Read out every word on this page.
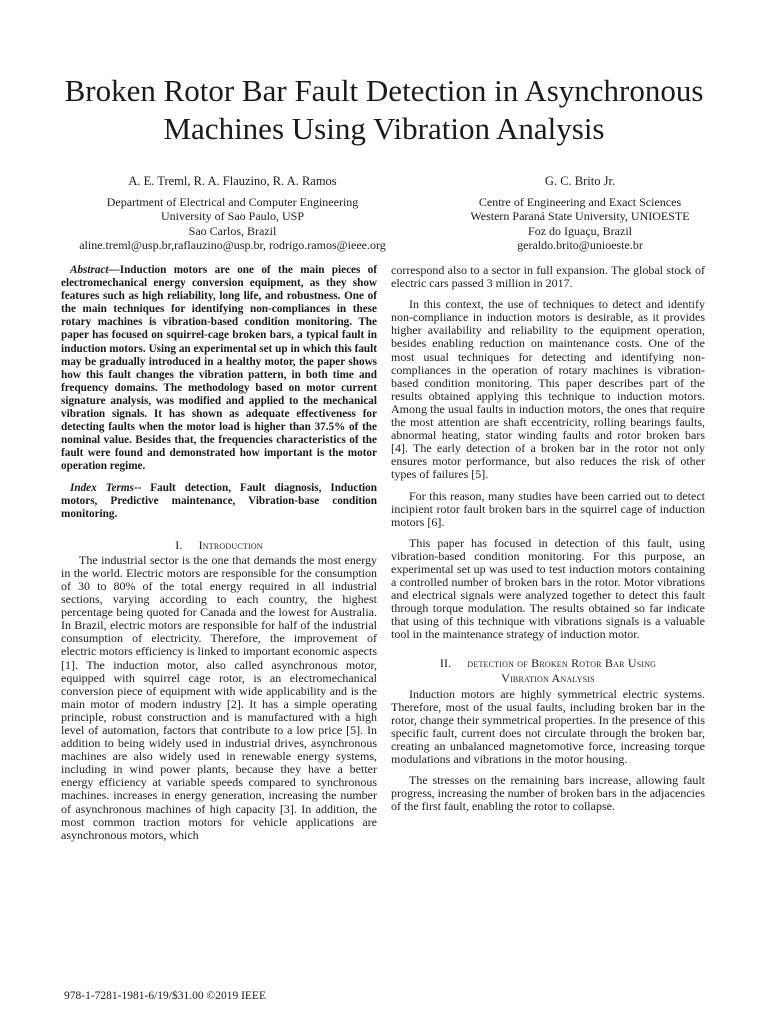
Broken Rotor Bar Fault Detection in Asynchronous
Machines Using Vibration Analysis
A. E. Treml, R. A. Flauzino, R. A. Ramos
Department of Electrical and Computer Engineering
University of Sao Paulo, USP
Sao Carlos, Brazil
aline.treml@usp.br,raflauzino@usp.br, rodrigo.ramos@ieee.org
G. C. Brito Jr.
Centre of Engineering and Exact Sciences
Western Paraná State University, UNIOESTE
Foz do Iguaçu, Brazil
geraldo.brito@unioeste.br

Abstract—Induction motors are one of the main pieces of electromechanical energy conversion equipment, as they show features such as high reliability, long life, and robustness. One of the main techniques for identifying non-compliances in these rotary machines is vibration-based condition monitoring. The paper has focused on squirrel-cage broken bars, a typical fault in induction motors. Using an experimental set up in which this fault may be gradually introduced in a healthy motor, the paper shows how this fault changes the vibration pattern, in both time and frequency domains. The methodology based on motor current signature analysis, was modified and applied to the mechanical vibration signals. It has shown as adequate effectiveness for detecting faults when the motor load is higher than 37.5% of the nominal value. Besides that, the frequencies characteristics of the fault were found and demonstrated how important is the motor operation regime.

Index Terms-- Fault detection, Fault diagnosis, Induction motors, Predictive maintenance, Vibration-base condition monitoring.

I. Introduction

The industrial sector is the one that demands the most energy in the world. Electric motors are responsible for the consumption of 30 to 80% of the total energy required in all industrial sections, varying according to each country, the highest percentage being quoted for Canada and the lowest for Australia. In Brazil, electric motors are responsible for half of the industrial consumption of electricity. Therefore, the improvement of electric motors efficiency is linked to important economic aspects [1]. The induction motor, also called asynchronous motor, equipped with squirrel cage rotor, is an electromechanical conversion piece of equipment with wide applicability and is the main motor of modern industry [2]. It has a simple operating principle, robust construction and is manufactured with a high level of automation, factors that contribute to a low price [5]. In addition to being widely used in industrial drives, asynchronous machines are also widely used in renewable energy systems, including in wind power plants, because they have a better energy efficiency at variable speeds compared to synchronous machines. increases in energy generation, increasing the number of asynchronous machines of high capacity [3]. In addition, the most common traction motors for vehicle applications are asynchronous motors, which

correspond also to a sector in full expansion. The global stock of electric cars passed 3 million in 2017.

In this context, the use of techniques to detect and identify non-compliance in induction motors is desirable, as it provides higher availability and reliability to the equipment operation, besides enabling reduction on maintenance costs. One of the most usual techniques for detecting and identifying non-compliances in the operation of rotary machines is vibration-based condition monitoring. This paper describes part of the results obtained applying this technique to induction motors. Among the usual faults in induction motors, the ones that require the most attention are shaft eccentricity, rolling bearings faults, abnormal heating, stator winding faults and rotor broken bars [4]. The early detection of a broken bar in the rotor not only ensures motor performance, but also reduces the risk of other types of failures [5].

For this reason, many studies have been carried out to detect incipient rotor fault broken bars in the squirrel cage of induction motors [6].

This paper has focused in detection of this fault, using vibration-based condition monitoring. For this purpose, an experimental set up was used to test induction motors containing a controlled number of broken bars in the rotor. Motor vibrations and electrical signals were analyzed together to detect this fault through torque modulation. The results obtained so far indicate that using of this technique with vibrations signals is a valuable tool in the maintenance strategy of induction motor.

II. detection of Broken Rotor Bar Using
Vibration Analysis

Induction motors are highly symmetrical electric systems. Therefore, most of the usual faults, including broken bar in the rotor, change their symmetrical properties. In the presence of this specific fault, current does not circulate through the broken bar, creating an unbalanced magnetomotive force, increasing torque modulations and vibrations in the motor housing.

The stresses on the remaining bars increase, allowing fault progress, increasing the number of broken bars in the adjacencies of the first fault, enabling the rotor to collapse.

978-1-7281-1981-6/19/$31.00 ©2019 IEEE
